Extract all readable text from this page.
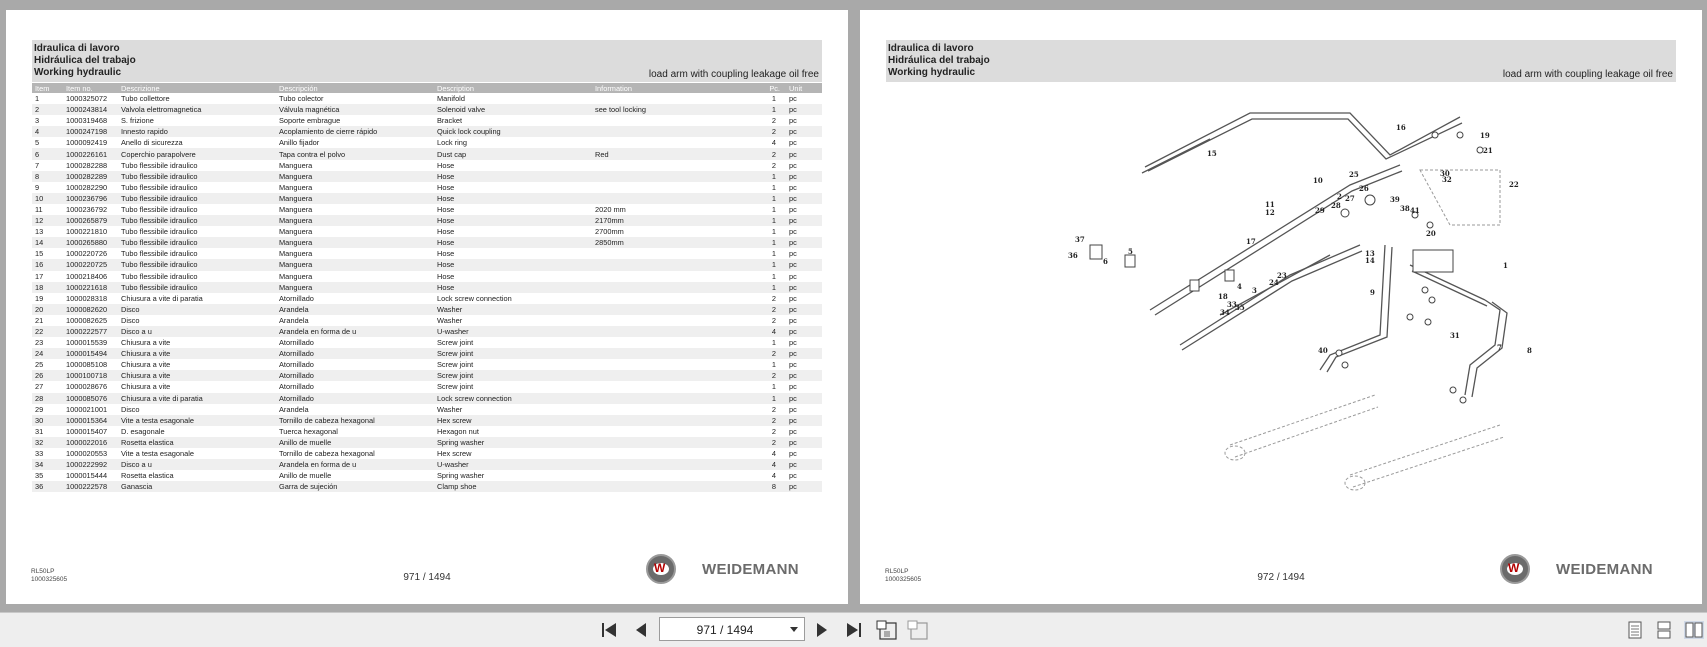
Idraulica di lavoro
Hidráulica del trabajo
Working hydraulic	load arm with coupling leakage oil free
Item	Item no.	Descrizione	Descripción	Description	Information	Pc.	Unit
1	1000325072	Tubo collettore	Tubo colector	Manifold		1	pc
2	1000243814	Valvola elettromagnetica	Válvula magnética	Solenoid valve	see tool locking	1	pc
3	1000319468	S. frizione	Soporte embrague	Bracket		2	pc
4	1000247198	Innesto rapido	Acoplamiento de cierre rápido	Quick lock coupling		2	pc
5	1000092419	Anello di sicurezza	Anillo fijador	Lock ring		4	pc
6	1000226161	Coperchio parapolvere	Tapa contra el polvo	Dust cap	Red	2	pc
7	1000282288	Tubo flessibile idraulico	Manguera	Hose		2	pc
8	1000282289	Tubo flessibile idraulico	Manguera	Hose		1	pc
9	1000282290	Tubo flessibile idraulico	Manguera	Hose		1	pc
10	1000236796	Tubo flessibile idraulico	Manguera	Hose		1	pc
11	1000236792	Tubo flessibile idraulico	Manguera	Hose	2020 mm	1	pc
12	1000265879	Tubo flessibile idraulico	Manguera	Hose	2170mm	1	pc
13	1000221810	Tubo flessibile idraulico	Manguera	Hose	2700mm	1	pc
14	1000265880	Tubo flessibile idraulico	Manguera	Hose	2850mm	1	pc
15	1000220726	Tubo flessibile idraulico	Manguera	Hose		1	pc
16	1000220725	Tubo flessibile idraulico	Manguera	Hose		1	pc
17	1000218406	Tubo flessibile idraulico	Manguera	Hose		1	pc
18	1000221618	Tubo flessibile idraulico	Manguera	Hose		1	pc
19	1000028318	Chiusura a vite di paratia	Atornillado	Lock screw connection		2	pc
20	1000082620	Disco	Arandela	Washer		2	pc
21	1000082625	Disco	Arandela	Washer		2	pc
22	1000222577	Disco a u	Arandela en forma de u	U-washer		4	pc
23	1000015539	Chiusura a vite	Atornillado	Screw joint		1	pc
24	1000015494	Chiusura a vite	Atornillado	Screw joint		2	pc
25	1000085108	Chiusura a vite	Atornillado	Screw joint		1	pc
26	1000100718	Chiusura a vite	Atornillado	Screw joint		2	pc
27	1000028676	Chiusura a vite	Atornillado	Screw joint		1	pc
28	1000085076	Chiusura a vite di paratia	Atornillado	Lock screw connection		1	pc
29	1000021001	Disco	Arandela	Washer		2	pc
30	1000015364	Vite a testa esagonale	Tornillo de cabeza hexagonal	Hex screw		2	pc
31	1000015407	D. esagonale	Tuerca hexagonal	Hexagon nut		2	pc
32	1000022016	Rosetta elastica	Anillo de muelle	Spring washer		2	pc
33	1000020553	Vite a testa esagonale	Tornillo de cabeza hexagonal	Hex screw		4	pc
34	1000222992	Disco a u	Arandela en forma de u	U-washer		4	pc
35	1000015444	Rosetta elastica	Anillo de muelle	Spring washer		4	pc
36	1000222578	Ganascia	Garra de sujeción	Clamp shoe		8	pc
RL50LP
1000325605	971 / 1494
W WEIDEMANN
Idraulica di lavoro
Hidráulica del trabajo
Working hydraulic	load arm with coupling leakage oil free
1
2
3
4
5
6
7	8
9
10
11
12
13
14
15
16
17
18
19
20
21
22
23
24
25
26
27
28
29
30
31
32
33
34
35
36
37
38
39
40
41
RL50LP
1000325605	972 / 1494
W WEIDEMANN
971 / 1494
